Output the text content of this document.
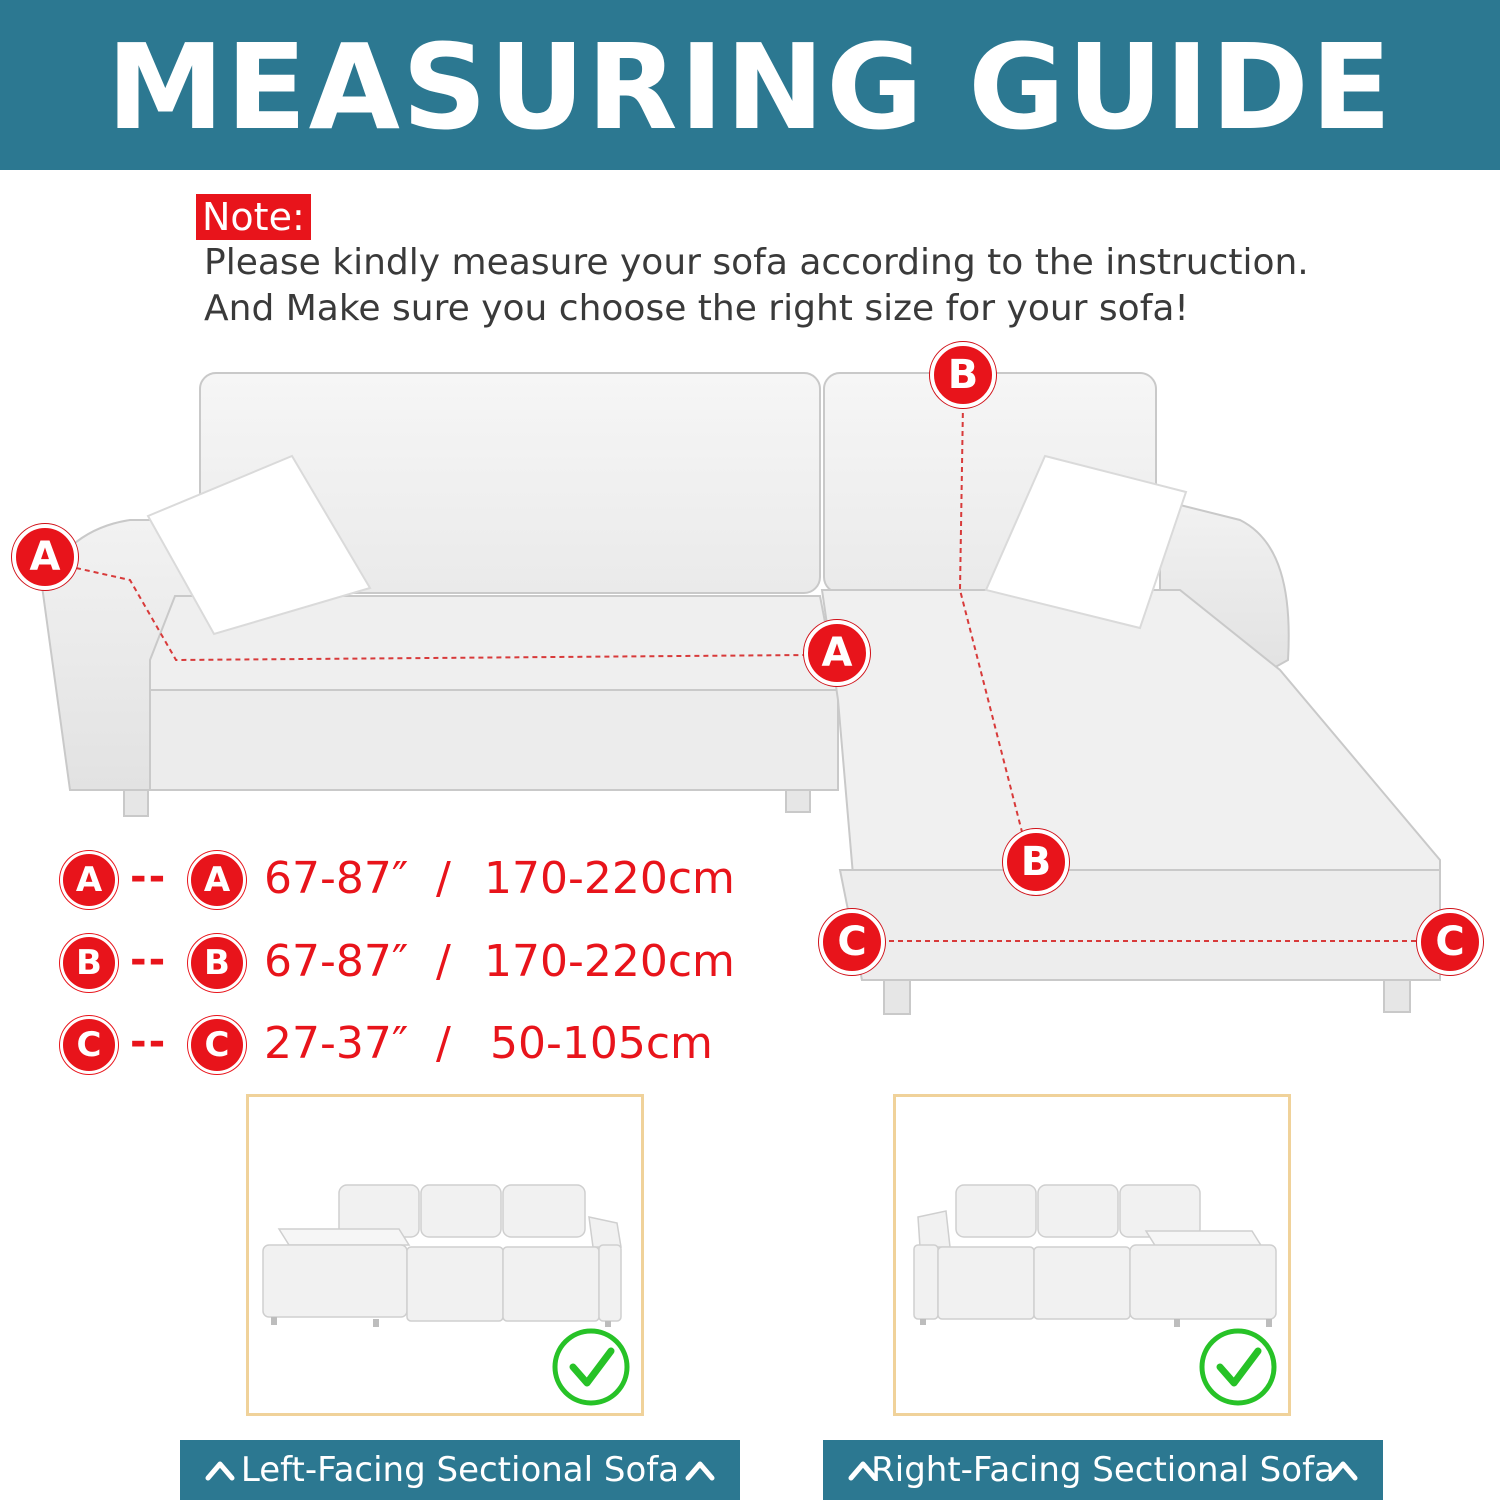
MEASURING GUIDE
Note:
Please kindly measure your sofa according to the instruction.
And Make sure you choose the right size for your sofa!
A
A
B
B
C	C
A --	A 67-87″ / 170-220cm
B --	B 67-87″ / 170-220cm
C --	C 27-37″ / 50-105cm
Left-Facing Sectional Sofa	Right-Facing Sectional Sofa
